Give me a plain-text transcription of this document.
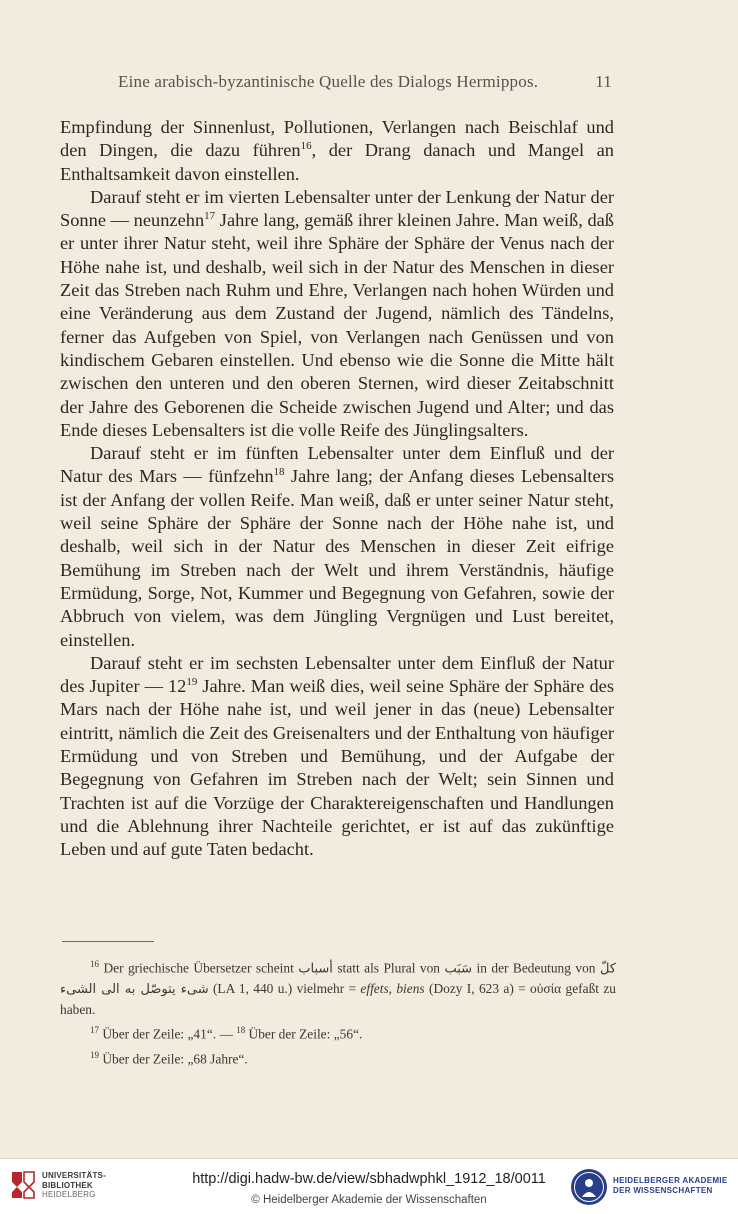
Eine arabisch-byzantinische Quelle des Dialogs Hermippos.	11

Empfindung der Sinnenlust, Pollutionen, Verlangen nach Beischlaf und den Dingen, die dazu führen$^{16}$, der Drang danach und Mangel an Enthaltsamkeit davon einstellen.

Darauf steht er im vierten Lebensalter unter der Lenkung der Natur der Sonne — neunzehn$^{17}$ Jahre lang, gemäß ihrer kleinen Jahre. Man weiß, daß er unter ihrer Natur steht, weil ihre Sphäre der Sphäre der Venus nach der Höhe nahe ist, und deshalb, weil sich in der Natur des Menschen in dieser Zeit das Streben nach Ruhm und Ehre, Verlangen nach hohen Würden und eine Veränderung aus dem Zustand der Jugend, nämlich des Tändelns, ferner das Aufgeben von Spiel, von Verlangen nach Genüssen und von kindischem Gebaren einstellen. Und ebenso wie die Sonne die Mitte hält zwischen den unteren und den oberen Sternen, wird dieser Zeitabschnitt der Jahre des Geborenen die Scheide zwischen Jugend und Alter; und das Ende dieses Lebensalters ist die volle Reife des Jünglingsalters.

Darauf steht er im fünften Lebensalter unter dem Einfluß und der Natur des Mars — fünfzehn$^{18}$ Jahre lang; der Anfang dieses Lebensalters ist der Anfang der vollen Reife. Man weiß, daß er unter seiner Natur steht, weil seine Sphäre der Sphäre der Sonne nach der Höhe nahe ist, und deshalb, weil sich in der Natur des Menschen in dieser Zeit eifrige Bemühung im Streben nach der Welt und ihrem Verständnis, häufige Ermüdung, Sorge, Not, Kummer und Begegnung von Gefahren, sowie der Abbruch von vielem, was dem Jüngling Vergnügen und Lust bereitet, einstellen.

Darauf steht er im sechsten Lebensalter unter dem Einfluß der Natur des Jupiter — $12^{19}$ Jahre. Man weiß dies, weil seine Sphäre der Sphäre des Mars nach der Höhe nahe ist, und weil jener in das (neue) Lebensalter eintritt, nämlich die Zeit des Greisenalters und der Enthaltung von häufiger Ermüdung und von Streben und Bemühung, und der Aufgabe der Begegnung von Gefahren im Streben nach der Welt; sein Sinnen und Trachten ist auf die Vorzüge der Charaktereigenschaften und Handlungen und die Ablehnung ihrer Nachteile gerichtet, er ist auf das zukünftige Leben und auf gute Taten bedacht.

$^{16}$ Der griechische Übersetzer scheint أسباب statt als Plural von سَبَب in der Bedeutung von كلّ شىء يتوصّل به الى الشىء (LA 1, 440 u.) vielmehr = effets, biens (Dozy I, 623 a) = οὐσία gefaßt zu haben.

$^{17}$ Über der Zeile: „41“. — $^{18}$ Über der Zeile: „56“.

$^{19}$ Über der Zeile: „68 Jahre“.

UNIVERSITÄTS-
BIBLIOTHEK
HEIDELBERG
http://digi.hadw-bw.de/view/sbhadwphkl_1912_18/0011
© Heidelberger Akademie der Wissenschaften
HEIDELBERGER AKADEMIE
DER WISSENSCHAFTEN
